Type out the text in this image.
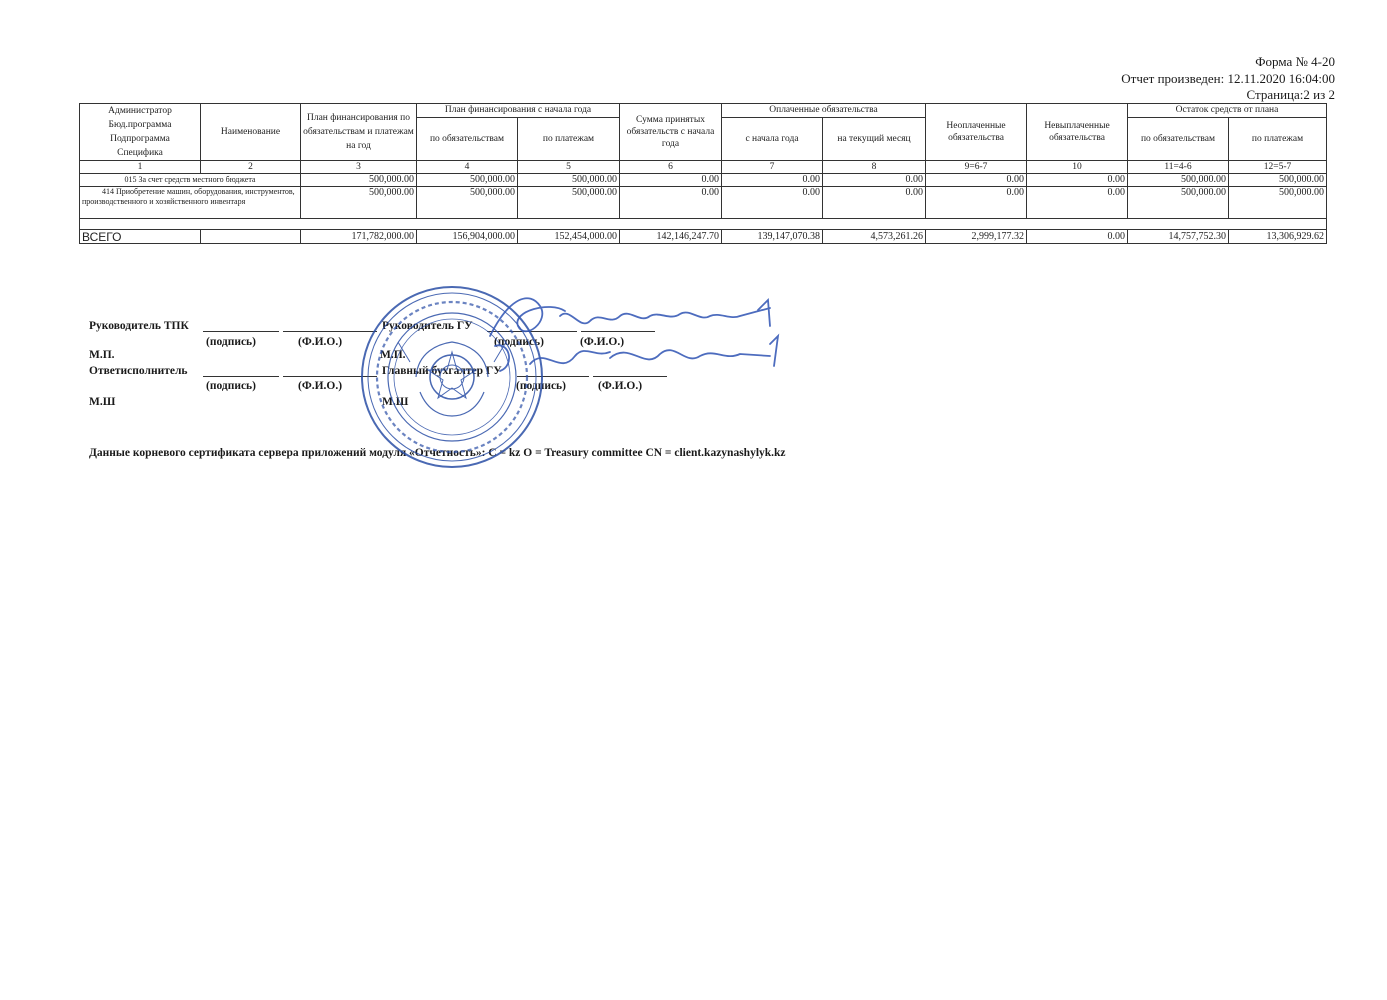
Форма № 4-20
Отчет произведен: 12.11.2020 16:04:00
Страница:2 из 2
Администратор
Бюд.программа
Подпрограмма
Специфика	Наименование	План финансирования по обязательствам и платежам на год	План финансирования с начала года		Сумма принятых обязательств с начала года	Оплаченные обязательства		Неоплаченные обязательства	Невыплаченные обязательства	Остаток средств от плана	
			по обязательствам	по платежам		с начала года	на текущий месяц			по обязательствам	по платежам
1	2	3	4	5	6	7	8	9=6-7	10	11=4-6	12=5-7
015 За счет средств местного бюджета		500,000.00	500,000.00	500,000.00	0.00	0.00	0.00	0.00	0.00	500,000.00	500,000.00
414 Приобретение машин, оборудования, инструментов, производственного и хозяйственного инвентаря		500,000.00	500,000.00	500,000.00	0.00	0.00	0.00	0.00	0.00	500,000.00	500,000.00

ВСЕГО		171,782,000.00	156,904,000.00	152,454,000.00	142,146,247.70	139,147,070.38	4,573,261.26	2,999,177.32	0.00	14,757,752.30	13,306,929.62
Руководитель ТПК
(подпись)	(Ф.И.О.)
Руководитель ГУ
(подпись)	(Ф.И.О.)
М.П.	М.П.
Ответисполнитель
(подпись)	(Ф.И.О.)
Главный бухгалтер ГУ
(подпись)	(Ф.И.О.)
М.Ш	М.Ш
Данные корневого сертификата сервера приложений модуля «Отчетность»: C = kz O = Treasury committee CN = client.kazynashylyk.kz
